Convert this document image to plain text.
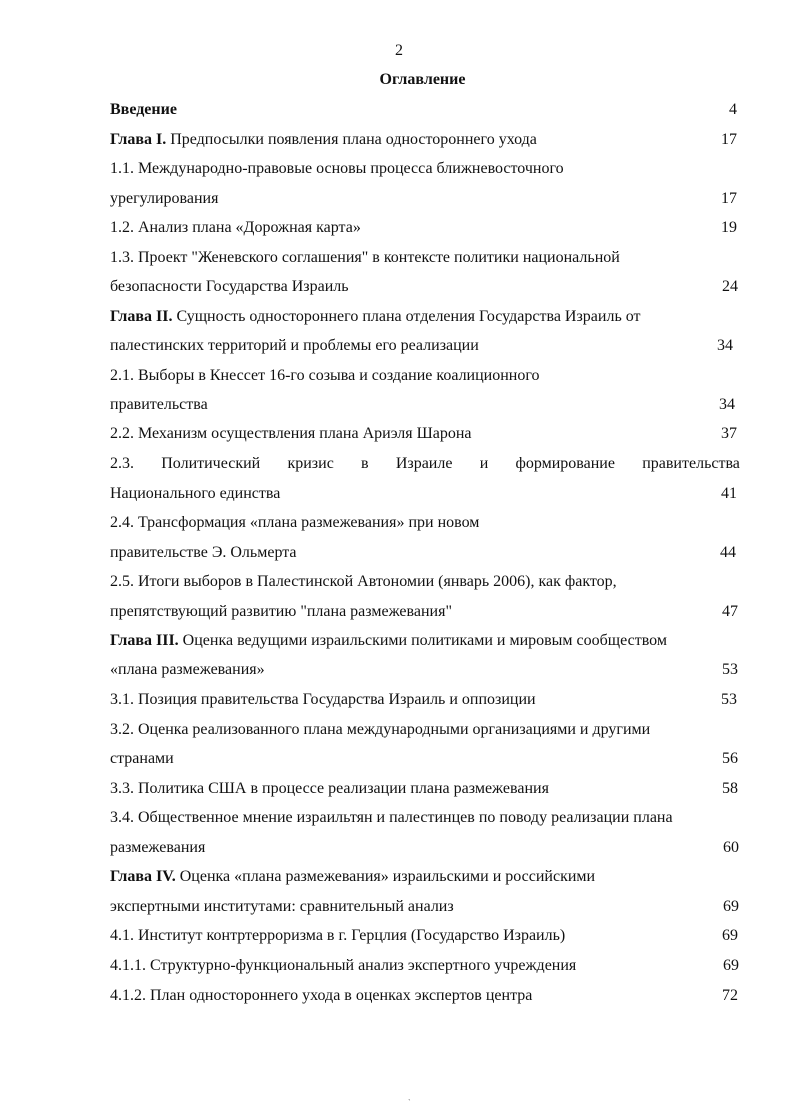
2
Оглавление
Введение	4
Глава I. Предпосылки появления плана одностороннего ухода	17
1.1. Международно-правовые основы процесса ближневосточного
урегулирования	17
1.2. Анализ плана «Дорожная карта»	19
1.3. Проект "Женевского соглашения" в контексте политики национальной
безопасности Государства Израиль	24
Глава II. Сущность одностороннего плана отделения Государства Израиль от
палестинских территорий и проблемы его реализации	34
2.1. Выборы в Кнессет 16-го созыва и создание коалиционного
правительства	34
2.2. Механизм осуществления плана Ариэля Шарона	37
2.3. Политический кризис в Израиле и формирование правительства
Национального единства	41
2.4. Трансформация «плана размежевания» при новом
правительстве Э. Ольмерта	44
2.5. Итоги выборов в Палестинской Автономии (январь 2006), как фактор,
препятствующий развитию "плана размежевания"	47
Глава III. Оценка ведущими израильскими политиками и мировым сообществом
«плана размежевания»	53
3.1. Позиция правительства Государства Израиль и оппозиции	53
3.2. Оценка реализованного плана международными организациями и другими
странами	56
3.3. Политика США в процессе реализации плана размежевания	58
3.4. Общественное мнение израильтян и палестинцев по поводу реализации плана
размежевания	60
Глава IV. Оценка «плана размежевания» израильскими и российскими
экспертными институтами: сравнительный анализ	69
4.1. Институт контртерроризма в г. Герцлия (Государство Израиль)	69
4.1.1. Структурно-функциональный анализ экспертного учреждения	69
4.1.2. План одностороннего ухода в оценках экспертов центра	72
`
